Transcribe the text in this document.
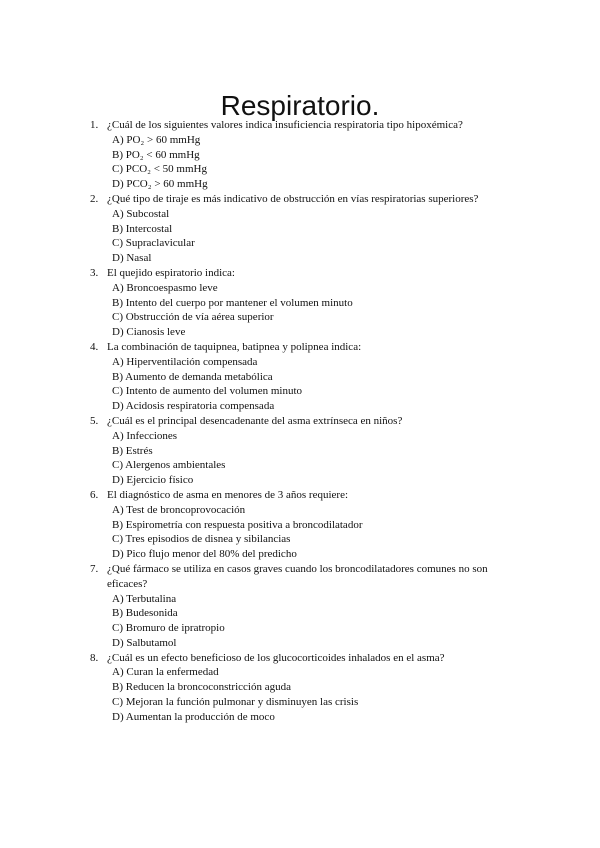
Respiratorio.
1. ¿Cuál de los siguientes valores indica insuficiencia respiratoria tipo hipoxémica?
A) PO₂ > 60 mmHg
B) PO₂ < 60 mmHg
C) PCO₂ < 50 mmHg
D) PCO₂ > 60 mmHg
2. ¿Qué tipo de tiraje es más indicativo de obstrucción en vías respiratorias superiores?
A) Subcostal
B) Intercostal
C) Supraclavicular
D) Nasal
3. El quejido espiratorio indica:
A) Broncoespasmo leve
B) Intento del cuerpo por mantener el volumen minuto
C) Obstrucción de vía aérea superior
D) Cianosis leve
4. La combinación de taquipnea, batipnea y polipnea indica:
A) Hiperventilación compensada
B) Aumento de demanda metabólica
C) Intento de aumento del volumen minuto
D) Acidosis respiratoria compensada
5. ¿Cuál es el principal desencadenante del asma extrínseca en niños?
A) Infecciones
B) Estrés
C) Alergenos ambientales
D) Ejercicio físico
6. El diagnóstico de asma en menores de 3 años requiere:
A) Test de broncoprovocación
B) Espirometría con respuesta positiva a broncodilatador
C) Tres episodios de disnea y sibilancias
D) Pico flujo menor del 80% del predicho
7. ¿Qué fármaco se utiliza en casos graves cuando los broncodilatadores comunes no son eficaces?
A) Terbutalina
B) Budesonida
C) Bromuro de ipratropio
D) Salbutamol
8. ¿Cuál es un efecto beneficioso de los glucocorticoides inhalados en el asma?
A) Curan la enfermedad
B) Reducen la broncoconstricción aguda
C) Mejoran la función pulmonar y disminuyen las crisis
D) Aumentan la producción de moco
